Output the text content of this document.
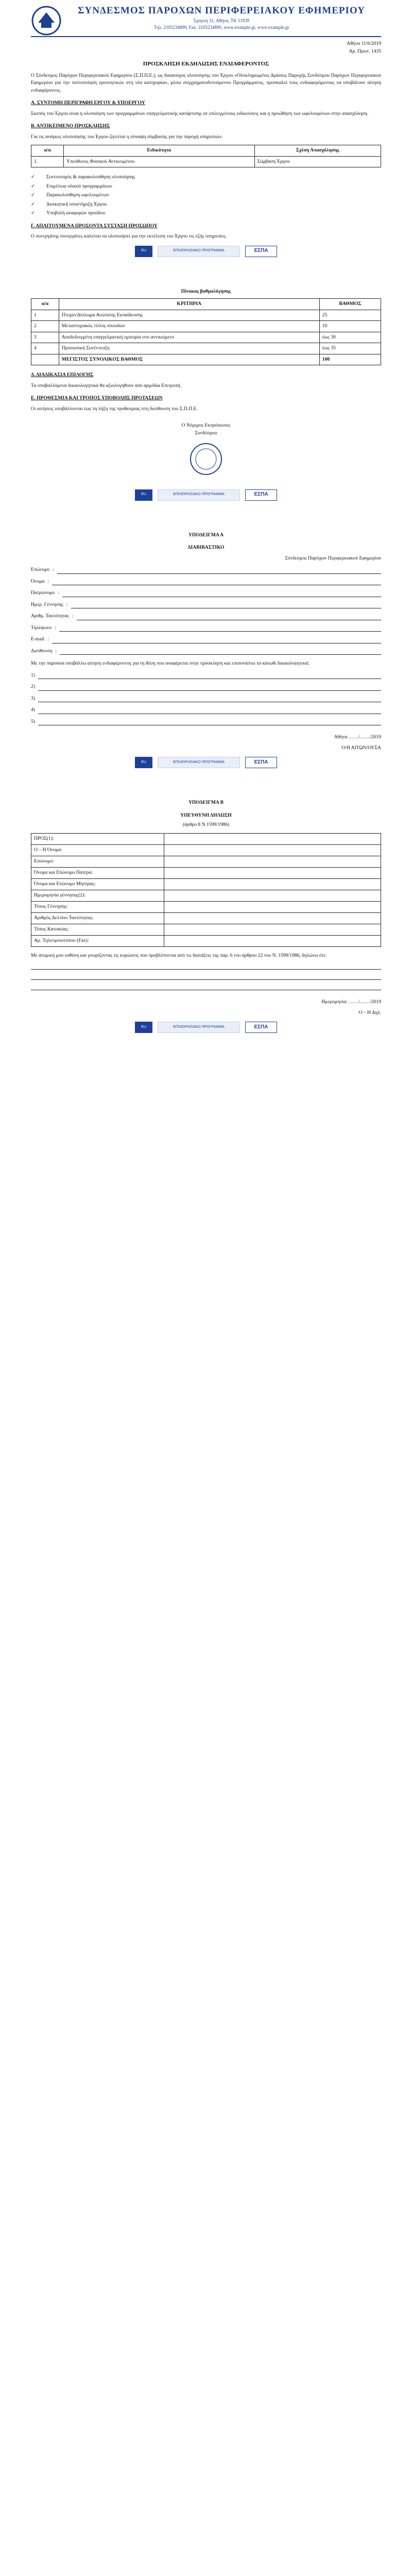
ΣΥΝΔΕΣΜΟΣ ΠΑΡΟΧΩΝ ΠΕΡΙΦΕΡΕΙΑΚΟΥ ΕΦΗΜΕΡΙΟΥ
Σμύρνη 31, Αθήνα, ΤΚ 11939
Τηλ. 2105234890, Fax. 2105234890, www.example.gr, www.example.gr
Αθήνα 11/6/2019
Αρ. Πρωτ. 1435
ΠΡΟΣΚΛΗΣΗ ΕΚΔΗΛΩΣΗΣ ΕΝΔΙΑΦΕΡΟΝΤΟΣ

Ο Σύνδεσμος Παρόχων Περιφερειακού Εφημερίου (Σ.Π.Π.Ε.), ως δικαιούχος υλοποίησης του Έργου «Ολοκληρωμένες Δράσεις Παροχής Συνδέσμου Παρόχων Περιφερειακού Εφημερίου για την πιστοποίηση ερευνητικών στη νέα κατηγορία», μέσω συγχρηματοδοτούμενου Προγράμματος, προσκαλεί τους ενδιαφερόμενους να υποβάλουν αίτηση ενδιαφέροντος.

Α. ΣΥΝΤΟΜΗ ΠΕΡΙΓΡΑΦΗ ΕΡΓΟΥ & ΥΠΟΕΡΓΟΥ

Σκοπός του Έργου είναι η υλοποίηση των προγραμμάτων επαγγελματικής κατάρτισης σε επιλεγμένους ειδικεύσεις και η προώθηση των ωφελουμένων στην απασχόληση.

Β. ΑΝΤΙΚΕΙΜΕΝΟ ΠΡΟΣΚΛΗΣΗΣ

Για τις ανάγκες υλοποίησης του Έργου ζητείται η σύναψη σύμβασης για την παροχή υπηρεσιών.

α/α	Ειδικότητα	Σχέση Απασχόλησης
1.	Υπεύθυνος Φυσικού Αντικειμένου	Σύμβαση Έργου
✓	Συντονισμός & παρακολούθηση υλοποίησης
✓	Επιμέλεια υλικού προγραμμάτων
✓	Παρακολούθηση ωφελουμένων
✓	Διοικητική υποστήριξη Έργου
✓	Υποβολή αναφορών προόδου
Γ. ΑΠΑΙΤΟΥΜΕΝΑ ΠΡΟΣΟΝΤΑ ΣΥΣΤΑΣΗ ΠΡΟΣΩΠΟΥ

Ο συνεργάτης συνεργάτες καλείται να υλοποιήσει για την εκτέλεση του Έργου τις εξής υπηρεσίες.

EU	ΕΠΙΧΕΙΡΗΣΙΑΚΟ ΠΡΟΓΡΑΜΜΑ	ΕΣΠΑ
Πίνακας βαθμολόγησης
α/α	ΚΡΙΤΗΡΙΑ	ΒΑΘΜΟΣ
1	Πτυχίο/Δίπλωμα Ανώτατης Εκπαίδευσης	25
2	Μεταπτυχιακός τίτλος σπουδών	10
3	Αποδεδειγμένη επαγγελματική εμπειρία στο αντικείμενο	έως 30
4	Προσωπική Συνέντευξη	έως 35
	ΜΕΓΙΣΤΟΣ ΣΥΝΟΛΙΚΟΣ ΒΑΘΜΟΣ	100
Δ. ΔΙΑΔΙΚΑΣΙΑ ΕΠΙΛΟΓΗΣ

Τα υποβαλλόμενα δικαιολογητικά θα αξιολογηθούν από αρμόδια Επιτροπή.

Ε. ΠΡΟΘΕΣΜΙΑ ΚΑΙ ΤΡΟΠΟΣ ΥΠΟΒΟΛΗΣ ΠΡΟΤΑΣΕΩΝ

Οι αιτήσεις υποβάλλονται έως τη λήξη της προθεσμίας στη διεύθυνση του Σ.Π.Π.Ε.

Ο Νόμιμος Εκπρόσωπος
Συνδέσμου
EU	ΕΠΙΧΕΙΡΗΣΙΑΚΟ ΠΡΟΓΡΑΜΜΑ	ΕΣΠΑ
ΥΠΟΔΕΙΓΜΑ Α
ΔΙΑΒΙΒΑΣΤΙΚΟ
Σύνδεσμος Παρόχων Περιφερειακού Εφημερίου
Επώνυμο :
Όνομα :
Πατρώνυμο :
Ημερ. Γέννησης :
Αριθμ. Ταυτότητας :
Τηλέφωνο :
E-mail :
Διεύθυνση :

Με την παρούσα υποβάλλω αίτηση ενδιαφέροντος για τη θέση που αναφέρεται στην πρόσκληση και επισυνάπτω τα κάτωθι δικαιολογητικά:

1)
2)
3)
4)
5)
Αθήνα ……/……/2019
Ο/Η ΑΙΤΩΝ/ΟΥΣΑ
EU	ΕΠΙΧΕΙΡΗΣΙΑΚΟ ΠΡΟΓΡΑΜΜΑ	ΕΣΠΑ
ΥΠΟΔΕΙΓΜΑ Β
ΥΠΕΥΘΥΝΗ ΔΗΛΩΣΗ
(άρθρο 8 Ν.1599/1986)
ΠΡΟΣ(1):	
Ο – Η Όνομα:	
Επώνυμο:	
Όνομα και Επώνυμο Πατέρα:	
Όνομα και Επώνυμο Μητέρας:	
Ημερομηνία γέννησης(2):	
Τόπος Γέννησης:	
Αριθμός Δελτίου Ταυτότητας:	
Τόπος Κατοικίας:	
Αρ. Τηλεομοιοτύπου (Fax):	

Με ατομική μου ευθύνη και γνωρίζοντας τις κυρώσεις που προβλέπονται από τις διατάξεις της παρ. 6 του άρθρου 22 του Ν. 1599/1986, δηλώνω ότι:

Ημερομηνία: ……/……/2019
Ο – Η Δηλ.
EU	ΕΠΙΧΕΙΡΗΣΙΑΚΟ ΠΡΟΓΡΑΜΜΑ	ΕΣΠΑ
